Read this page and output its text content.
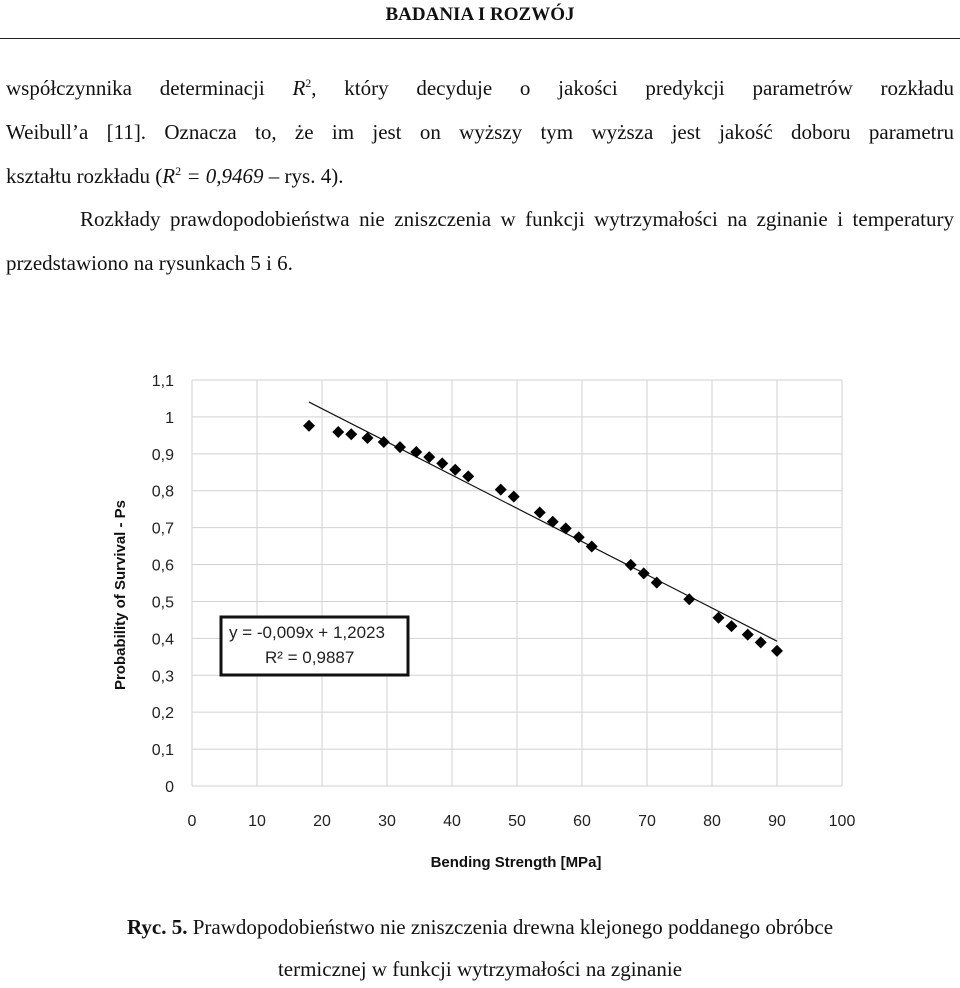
BADANIA I ROZWÓJ
współczynnika determinacji $R^2$, który decyduje o jakości predykcji parametrów rozkładu
Weibull’a [11]. Oznacza to, że im jest on wyższy tym wyższa jest jakość doboru parametru
kształtu rozkładu ($R^2 = 0,9469$ – rys. 4).
Rozkłady prawdopodobieństwa nie zniszczenia w funkcji wytrzymałości na zginanie i temperatury przedstawiono na rysunkach 5 i 6.
0
0,1
0,2
0,3
0,4
0,5
0,6
0,7
0,8
0,9
1
1,1
0	10	20	30	40	50	60	70	80	90	100
y = -0,009x + 1,2023
R² = 0,9887
Probability of Survival - Ps
Bending Strength [MPa]
Ryc. 5. Prawdopodobieństwo nie zniszczenia drewna klejonego poddanego obróbce
termicznej w funkcji wytrzymałości na zginanie
